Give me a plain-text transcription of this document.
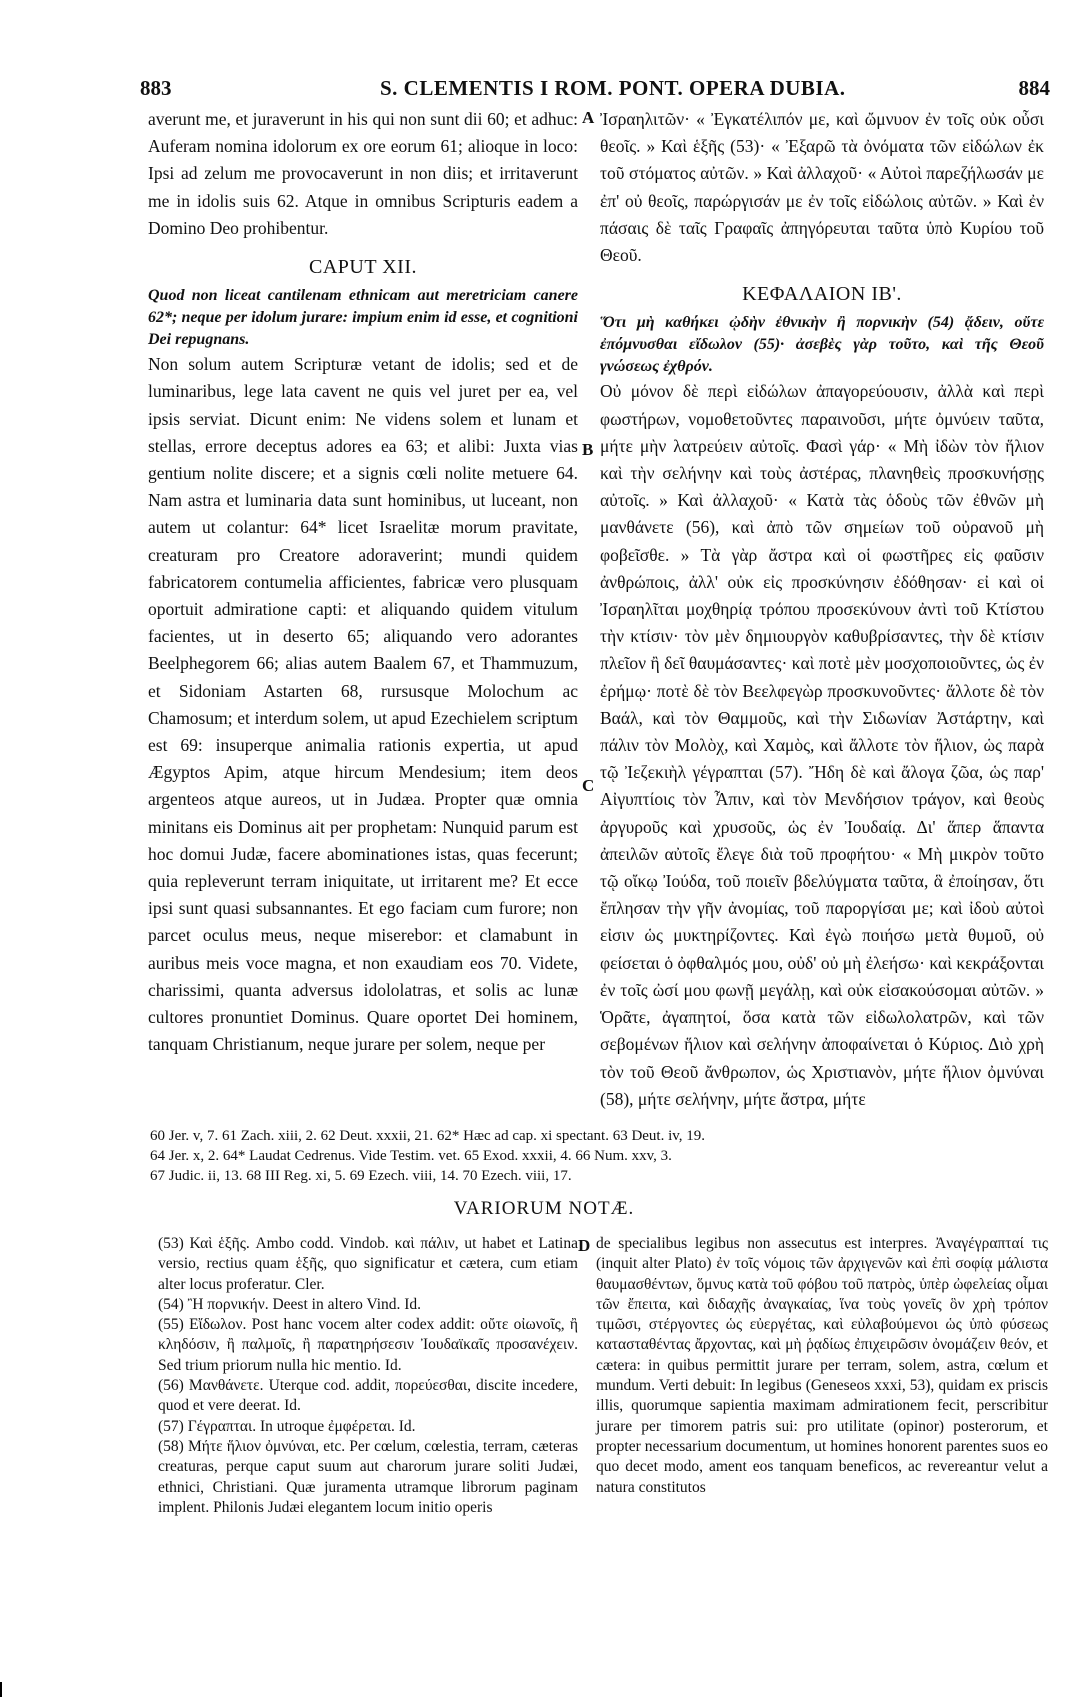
883	S. CLEMENTIS I ROM. PONT. OPERA DUBIA.	884

averunt me, et juraverunt in his qui non sunt dii 60; et adhuc: Auferam nomina idolorum ex ore eorum 61; alioque in loco: Ipsi ad zelum me provocaverunt in non diis; et irritaverunt me in idolis suis 62. Atque in omnibus Scripturis eadem a Domino Deo prohibentur.

CAPUT XII.

Quod non liceat cantilenam ethnicam aut meretriciam canere 62*; neque per idolum jurare: impium enim id esse, et cognitioni Dei repugnans.

Non solum autem Scripturæ vetant de idolis; sed et de luminaribus, lege lata cavent ne quis vel juret per ea, vel ipsis serviat. Dicunt enim: Ne videns solem et lunam et stellas, errore deceptus adores ea 63; et alibi: Juxta vias gentium nolite discere; et a signis cœli nolite metuere 64. Nam astra et luminaria data sunt hominibus, ut luceant, non autem ut colantur: 64* licet Israelitæ morum pravitate, creaturam pro Creatore adoraverint; mundi quidem fabricatorem contumelia afficientes, fabricæ vero plusquam oportuit admiratione capti: et aliquando quidem vitulum facientes, ut in deserto 65; aliquando vero adorantes Beelphegorem 66; alias autem Baalem 67, et Thammuzum, et Sidoniam Astarten 68, rursusque Molochum ac Chamosum; et interdum solem, ut apud Ezechielem scriptum est 69: insuperque animalia rationis expertia, ut apud Ægyptos Apim, atque hircum Mendesium; item deos argenteos atque aureos, ut in Judæa. Propter quæ omnia minitans eis Dominus ait per prophetam: Nunquid parum est hoc domui Judæ, facere abominationes istas, quas fecerunt; quia repleverunt terram iniquitate, ut irritarent me? Et ecce ipsi sunt quasi subsannantes. Et ego faciam cum furore; non parcet oculus meus, neque miserebor: et clamabunt in auribus meis voce magna, et non exaudiam eos 70. Videte, charissimi, quanta adversus idololatras, et solis ac lunæ cultores pronuntiet Dominus. Quare oportet Dei hominem, tanquam Christianum, neque jurare per solem, neque per

Ἰσραηλιτῶν· « Ἐγκατέλιπόν με, καὶ ὤμνυον ἐν τοῖς οὐκ οὖσι θεοῖς. » Καὶ ἑξῆς (53)· « Ἐξαρῶ τὰ ὀνόματα τῶν εἰδώλων ἐκ τοῦ στόματος αὐτῶν. » Καὶ ἀλλαχοῦ· « Αὐτοὶ παρεζήλωσάν με ἐπ' οὐ θεοῖς, παρώργισάν με ἐν τοῖς εἰδώλοις αὐτῶν. » Καὶ ἐν πάσαις δὲ ταῖς Γραφαῖς ἀπηγόρευται ταῦτα ὑπὸ Κυρίου τοῦ Θεοῦ.

ΚΕΦΑΛΑΙΟΝ ΙΒ'.

Ὅτι μὴ καθήκει ᾠδὴν ἐθνικὴν ἢ πορνικὴν (54) ᾄδειν, οὔτε ἐπόμνυσθαι εἴδωλον (55)· ἀσεβὲς γὰρ τοῦτο, καὶ τῆς Θεοῦ γνώσεως ἐχθρόν.

Οὐ μόνον δὲ περὶ εἰδώλων ἀπαγορεύουσιν, ἀλλὰ καὶ περὶ φωστήρων, νομοθετοῦντες παραινοῦσι, μήτε ὀμνύειν ταῦτα, μήτε μὴν λατρεύειν αὐτοῖς. Φασὶ γάρ· « Μὴ ἰδὼν τὸν ἥλιον καὶ τὴν σελήνην καὶ τοὺς ἀστέρας, πλανηθεὶς προσκυνήσῃς αὐτοῖς. » Καὶ ἀλλαχοῦ· « Κατὰ τὰς ὁδοὺς τῶν ἐθνῶν μὴ μανθάνετε (56), καὶ ἀπὸ τῶν σημείων τοῦ οὐρανοῦ μὴ φοβεῖσθε. » Τὰ γὰρ ἄστρα καὶ οἱ φωστῆρες εἰς φαῦσιν ἀνθρώποις, ἀλλ' οὐκ εἰς προσκύνησιν ἐδόθησαν· εἰ καὶ οἱ Ἰσραηλῖται μοχθηρίᾳ τρόπου προσεκύνουν ἀντὶ τοῦ Κτίστου τὴν κτίσιν· τὸν μὲν δημιουργὸν καθυβρίσαντες, τὴν δὲ κτίσιν πλεῖον ἢ δεῖ θαυμάσαντες· καὶ ποτὲ μὲν μοσχοποιοῦντες, ὡς ἐν ἐρήμῳ· ποτὲ δὲ τὸν Βεελφεγὼρ προσκυνοῦντες· ἄλλοτε δὲ τὸν Βαάλ, καὶ τὸν Θαμμοῦς, καὶ τὴν Σιδωνίαν Ἀστάρτην, καὶ πάλιν τὸν Μολὸχ, καὶ Χαμὸς, καὶ ἄλλοτε τὸν ἥλιον, ὡς παρὰ τῷ Ἰεζεκιὴλ γέγραπται (57). Ἤδη δὲ καὶ ἄλογα ζῶα, ὡς παρ' Αἰγυπτίοις τὸν Ἆπιν, καὶ τὸν Μενδήσιον τράγον, καὶ θεοὺς ἀργυροῦς καὶ χρυσοῦς, ὡς ἐν Ἰουδαίᾳ. Δι' ἅπερ ἅπαντα ἀπειλῶν αὐτοῖς ἔλεγε διὰ τοῦ προφήτου· « Μὴ μικρὸν τοῦτο τῷ οἴκῳ Ἰούδα, τοῦ ποιεῖν βδελύγματα ταῦτα, ἃ ἐποίησαν, ὅτι ἔπλησαν τὴν γῆν ἀνομίας, τοῦ παροργίσαι με; καὶ ἰδοὺ αὐτοὶ εἰσιν ὡς μυκτηρίζοντες. Καὶ ἐγὼ ποιήσω μετὰ θυμοῦ, οὐ φείσεται ὁ ὀφθαλμός μου, οὐδ' οὐ μὴ ἐλεήσω· καὶ κεκράξονται ἐν τοῖς ὠσί μου φωνῇ μεγάλῃ, καὶ οὐκ εἰσακούσομαι αὐτῶν. » Ὁρᾶτε, ἀγαπητοί, ὅσα κατὰ τῶν εἰδωλολατρῶν, καὶ τῶν σεβομένων ἥλιον καὶ σελήνην ἀποφαίνεται ὁ Κύριος. Διὸ χρὴ τὸν τοῦ Θεοῦ ἄνθρωπον, ὡς Χριστιανὸν, μήτε ἥλιον ὀμνύναι (58), μήτε σελήνην, μήτε ἄστρα, μήτε

A
B
C
D

60 Jer. v, 7. 61 Zach. xiii, 2. 62 Deut. xxxii, 21. 62* Hæc ad cap. xi spectant. 63 Deut. iv, 19.

64 Jer. x, 2. 64* Laudat Cedrenus. Vide Testim. vet. 65 Exod. xxxii, 4. 66 Num. xxv, 3.

67 Judic. ii, 13. 68 III Reg. xi, 5. 69 Ezech. viii, 14. 70 Ezech. viii, 17.

VARIORUM NOTÆ.

(53) Καὶ ἑξῆς. Ambo codd. Vindob. καὶ πάλιν, ut habet et Latina versio, rectius quam ἑξῆς, quo significatur et cætera, cum etiam alter locus proferatur. Cler.

(54) Ἢ πορνικήν. Deest in altero Vind. Id.

(55) Εἴδωλον. Post hanc vocem alter codex addit: οὔτε οἰωνοῖς, ἢ κληδόσιν, ἢ παλμοῖς, ἢ παρατηρήσεσιν Ἰουδαϊκαῖς προσανέχειν. Sed trium priorum nulla hic mentio. Id.

(56) Μανθάνετε. Uterque cod. addit, πορεύεσθαι, discite incedere, quod et vere deerat. Id.

(57) Γέγραπται. In utroque ἐμφέρεται. Id.

(58) Μήτε ἥλιον ὀμνύναι, etc. Per cœlum, cœlestia, terram, cæteras creaturas, perque caput suum aut charorum jurare soliti Judæi, ethnici, Christiani. Quæ juramenta utramque librorum paginam implent. Philonis Judæi elegantem locum initio operis

de specialibus legibus non assecutus est interpres. Ἀναγέγραπταί τις (inquit alter Plato) ἐν τοῖς νόμοις τῶν ἀρχιγενῶν καὶ ἐπὶ σοφίᾳ μάλιστα θαυμασθέντων, ὅμνυς κατὰ τοῦ φόβου τοῦ πατρὸς, ὑπὲρ ὠφελείας οἶμαι τῶν ἔπειτα, καὶ διδαχῆς ἀναγκαίας, ἵνα τοὺς γονεῖς ὃν χρὴ τρόπον τιμῶσι, στέργοντες ὡς εὐεργέτας, καὶ εὐλαβούμενοι ὡς ὑπὸ φύσεως κατασταθέντας ἄρχοντας, καὶ μὴ ῥᾳδίως ἐπιχειρῶσιν ὀνομάζειν θεόν, et cætera: in quibus permittit jurare per terram, solem, astra, cœlum et mundum. Verti debuit: In legibus (Geneseos xxxi, 53), quidam ex priscis illis, quorumque sapientia maximam admirationem fecit, perscribitur jurare per timorem patris sui: pro utilitate (opinor) posterorum, et propter necessarium documentum, ut homines honorent parentes suos eo quo decet modo, ament eos tanquam beneficos, ac revereantur velut a natura constitutos
